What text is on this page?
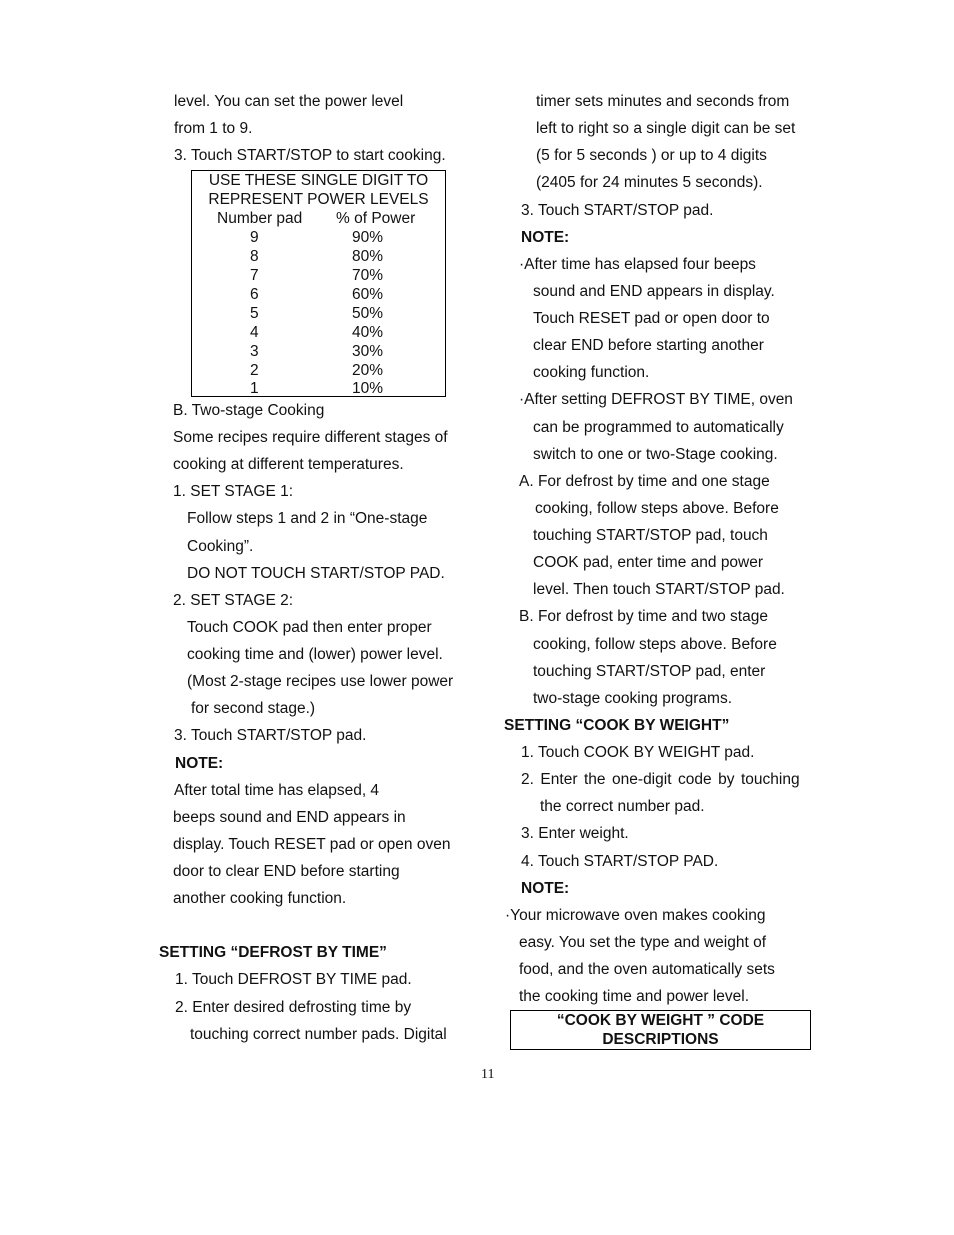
level. You can set the power level
from 1 to 9.
3. Touch START/STOP to start cooking.
USE THESE SINGLE DIGIT TO
REPRESENT POWER LEVELS
Number pad % of Power
9	90%
8	80%
7	70%
6	60%
5	50%
4	40%
3	30%
2	20%
1	10%
B. Two-stage Cooking
Some recipes require different stages of
cooking at different temperatures.
1. SET STAGE 1:
Follow steps 1 and 2 in “One-stage
Cooking”.
DO NOT TOUCH START/STOP PAD.
2. SET STAGE 2:
Touch COOK pad then enter proper
cooking time and (lower) power level.
(Most 2-stage recipes use lower power
for second stage.)
3. Touch START/STOP pad.
NOTE:
After total time has elapsed, 4
beeps sound and END appears in
display. Touch RESET pad or open oven
door to clear END before starting
another cooking function.
SETTING “DEFROST BY TIME”
1. Touch DEFROST BY TIME pad.
2. Enter desired defrosting time by
touching correct number pads. Digital
timer sets minutes and seconds from
left to right so a single digit can be set
(5 for 5 seconds ) or up to 4 digits
(2405 for 24 minutes 5 seconds).
3. Touch START/STOP pad.
NOTE:
·After time has elapsed four beeps
sound and END appears in display.
Touch RESET pad or open door to
clear END before starting another
cooking function.
·After setting DEFROST BY TIME, oven
can be programmed to automatically
switch to one or two-Stage cooking.
A. For defrost by time and one stage
cooking, follow steps above. Before
touching START/STOP pad, touch
COOK pad, enter time and power
level. Then touch START/STOP pad.
B. For defrost by time and two stage
cooking, follow steps above. Before
touching START/STOP pad, enter
two-stage cooking programs.
SETTING “COOK BY WEIGHT”
1. Touch COOK BY WEIGHT pad.
2. Enter the one-digit code by touching
the correct number pad.
3. Enter weight.
4. Touch START/STOP PAD.
NOTE:
·Your microwave oven makes cooking
easy. You set the type and weight of
food, and the oven automatically sets
the cooking time and power level.
“COOK BY WEIGHT ” CODE
DESCRIPTIONS
11
